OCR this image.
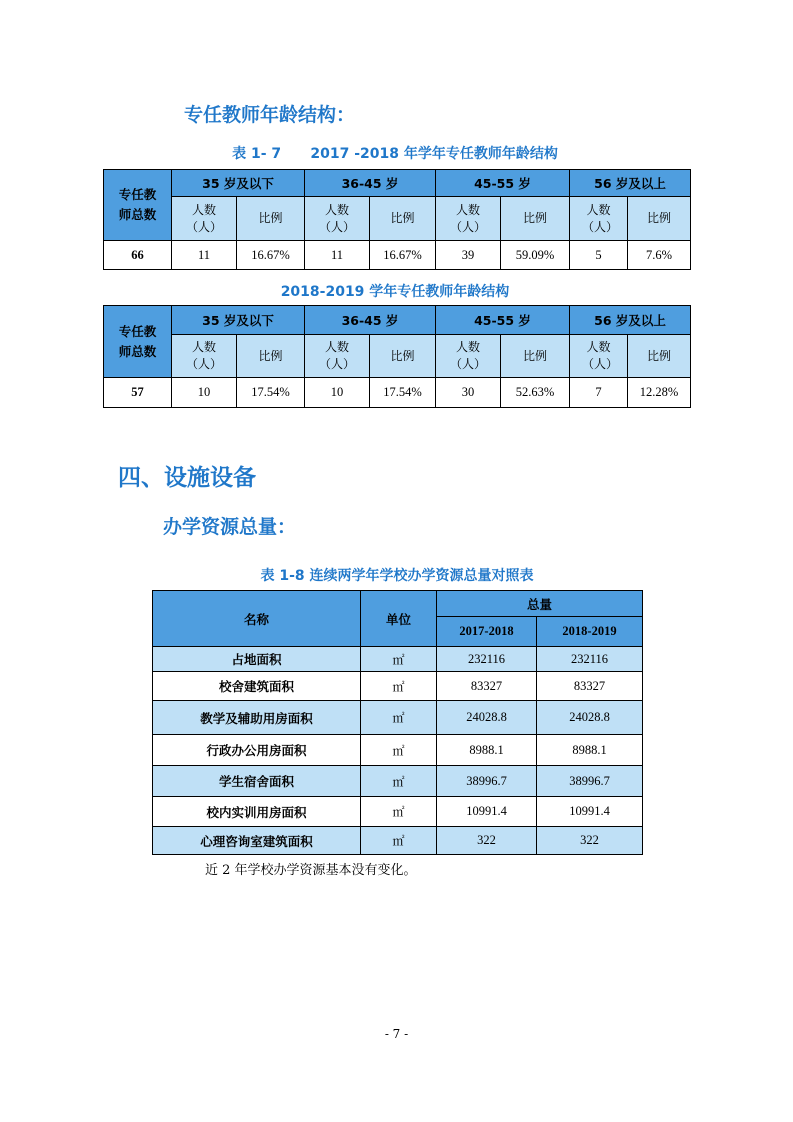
专任教师年龄结构：
表 1- 7      2017 -2018 年学年专任教师年龄结构
专任教师总数	35 岁及以下		36-45 岁		45-55 岁		56 岁及以上	
	人数（人）	比例	人数（人）	比例	人数（人）	比例	人数（人）	比例
66	11	16.67%	11	16.67%	39	59.09%	5	7.6%
2018-2019 学年专任教师年龄结构
专任教师总数	35 岁及以下		36-45 岁		45-55 岁		56 岁及以上	
	人数（人）	比例	人数（人）	比例	人数（人）	比例	人数（人）	比例
57	10	17.54%	10	17.54%	30	52.63%	7	12.28%
四、设施设备
办学资源总量：
表 1-8 连续两学年学校办学资源总量对照表
名称	单位	总量	
		2017-2018	2018-2019
占地面积	㎡	232116	232116
校舍建筑面积	㎡	83327	83327
教学及辅助用房面积	㎡	24028.8	24028.8
行政办公用房面积	㎡	8988.1	8988.1
学生宿舍面积	㎡	38996.7	38996.7
校内实训用房面积	㎡	10991.4	10991.4
心理咨询室建筑面积	㎡	322	322
近 2 年学校办学资源基本没有变化。
- 7 -
